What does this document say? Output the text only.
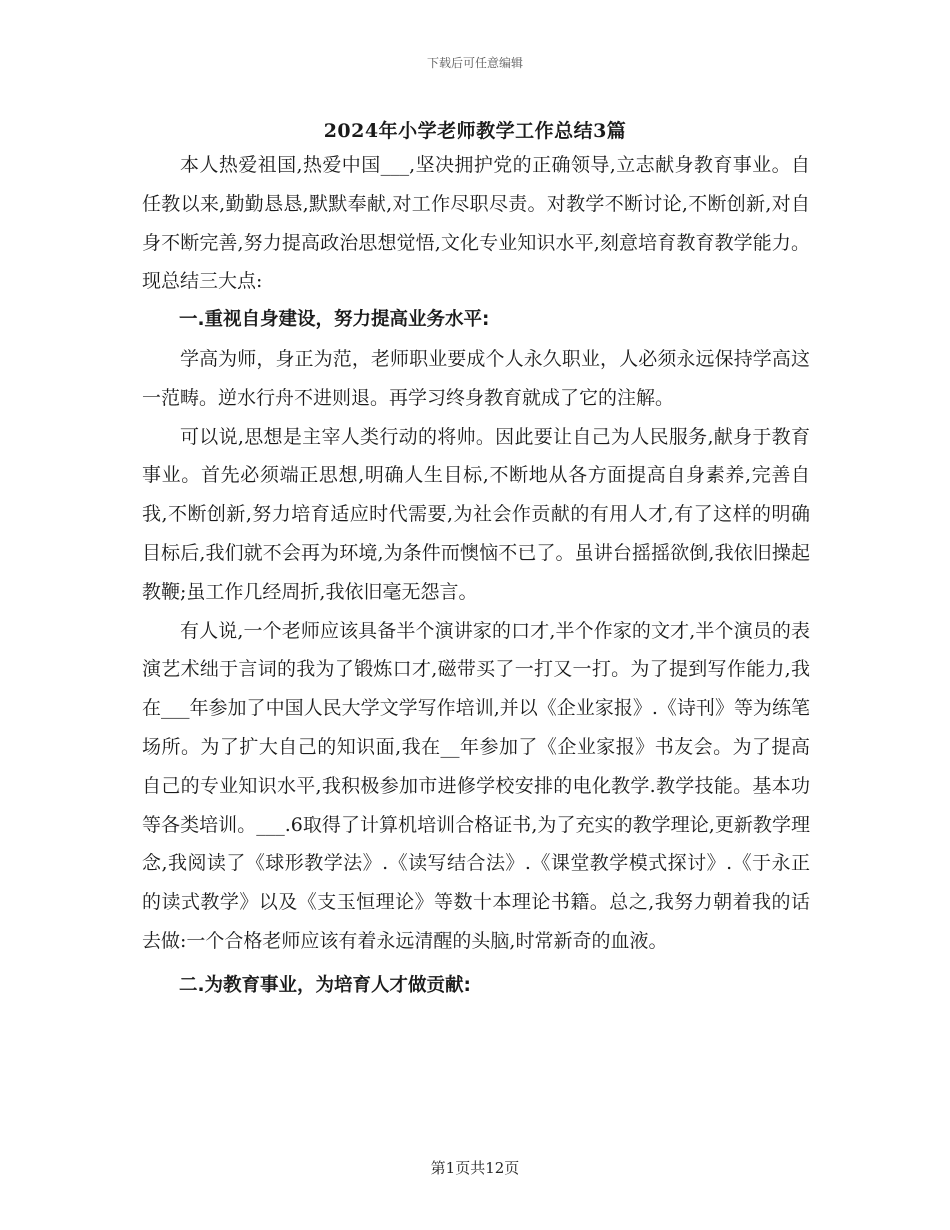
下载后可任意编辑
2024年小学老师教学工作总结3篇

本人热爱祖国,热爱中国___,坚决拥护党的正确领导,立志献身教育事业。自任教以来,勤勤恳恳,默默奉献,对工作尽职尽责。对教学不断讨论,不断创新,对自身不断完善,努力提高政治思想觉悟,文化专业知识水平,刻意培育教育教学能力。现总结三大点:

一.重视自身建设，努力提高业务水平:

学高为师，身正为范，老师职业要成个人永久职业，人必须永远保持学高这一范畴。逆水行舟不进则退。再学习终身教育就成了它的注解。

可以说,思想是主宰人类行动的将帅。因此要让自己为人民服务,献身于教育事业。首先必须端正思想,明确人生目标,不断地从各方面提高自身素养,完善自我,不断创新,努力培育适应时代需要,为社会作贡献的有用人才,有了这样的明确目标后,我们就不会再为环境,为条件而懊恼不已了。虽讲台摇摇欲倒,我依旧操起教鞭;虽工作几经周折,我依旧毫无怨言。

有人说,一个老师应该具备半个演讲家的口才,半个作家的文才,半个演员的表演艺术绌于言词的我为了锻炼口才,磁带买了一打又一打。为了提到写作能力,我在___年参加了中国人民大学文学写作培训,并以《企业家报》.《诗刊》等为练笔场所。为了扩大自己的知识面,我在__年参加了《企业家报》书友会。为了提高自己的专业知识水平,我积极参加市进修学校安排的电化教学.教学技能。基本功等各类培训。___.6取得了计算机培训合格证书,为了充实的教学理论,更新教学理念,我阅读了《球形教学法》.《读写结合法》.《课堂教学模式探讨》.《于永正的读式教学》以及《支玉恒理论》等数十本理论书籍。总之,我努力朝着我的话去做:一个合格老师应该有着永远清醒的头脑,时常新奇的血液。

二.为教育事业，为培育人才做贡献:

第1页共12页
